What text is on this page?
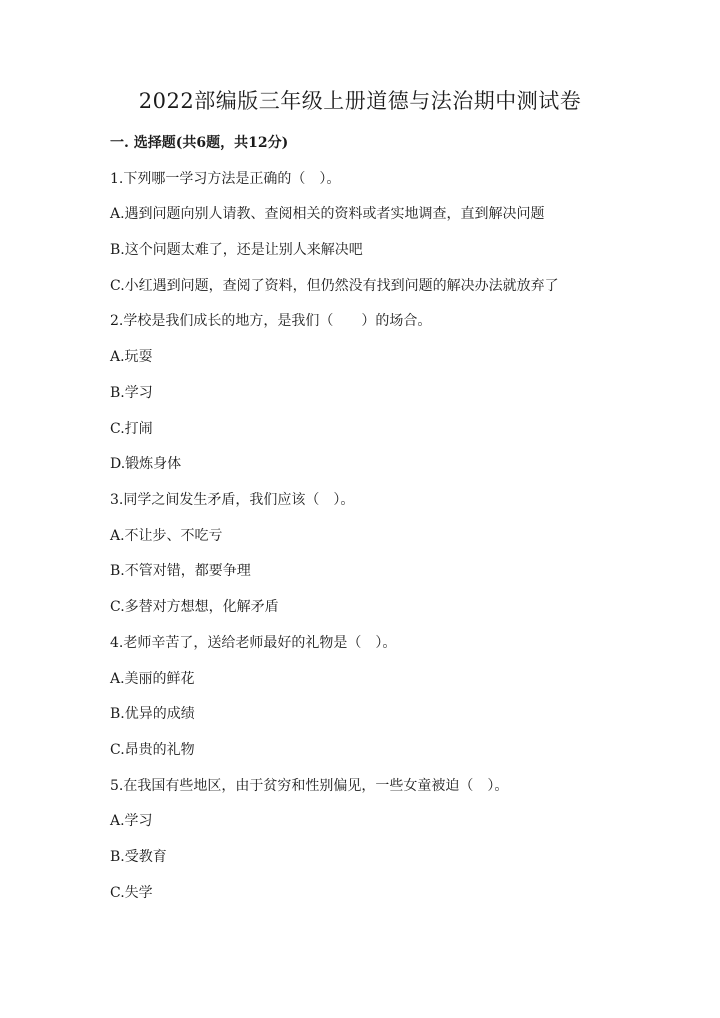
2022部编版三年级上册道德与法治期中测试卷
一. 选择题(共6题，共12分)
1.下列哪一学习方法是正确的（　）。
A.遇到问题向别人请教、查阅相关的资料或者实地调查，直到解决问题
B.这个问题太难了，还是让别人来解决吧
C.小红遇到问题，查阅了资料，但仍然没有找到问题的解决办法就放弃了
2.学校是我们成长的地方，是我们（　　）的场合。
A.玩耍
B.学习
C.打闹
D.锻炼身体
3.同学之间发生矛盾，我们应该（　）。
A.不让步、不吃亏
B.不管对错，都要争理
C.多替对方想想，化解矛盾
4.老师辛苦了，送给老师最好的礼物是（　）。
A.美丽的鲜花
B.优异的成绩
C.昂贵的礼物
5.在我国有些地区，由于贫穷和性别偏见，一些女童被迫（　）。
A.学习
B.受教育
C.失学
